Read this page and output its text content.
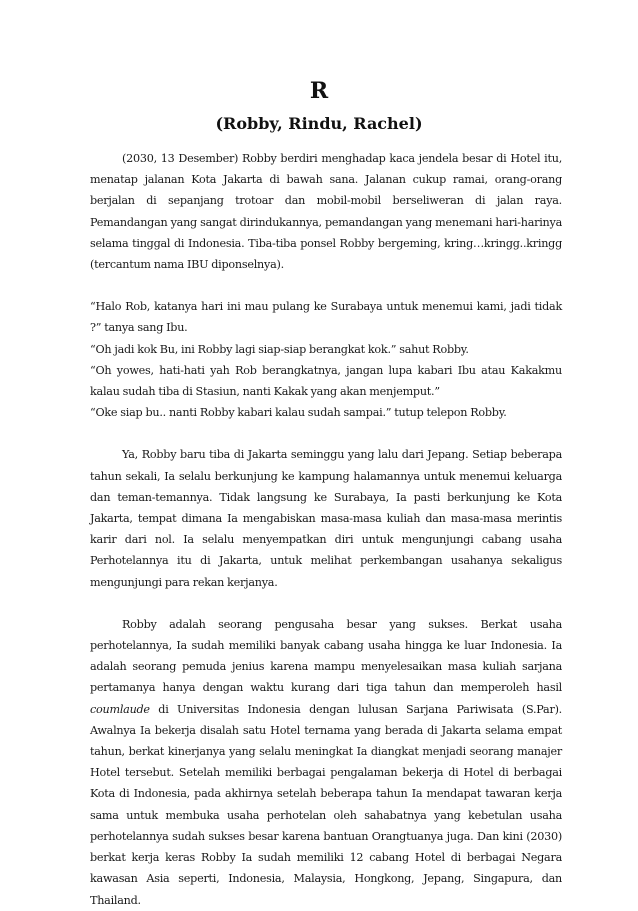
R
(Robby, Rindu, Rachel)

(2030, 13 Desember) Robby berdiri menghadap kaca jendela besar di Hotel itu, menatap jalanan Kota Jakarta di bawah sana. Jalanan cukup ramai, orang-orang berjalan di sepanjang trotoar dan mobil-mobil berseliweran di jalan raya. Pemandangan yang sangat dirindukannya, pemandangan yang menemani hari-harinya selama tinggal di Indonesia. Tiba-tiba ponsel Robby bergeming, kring…kringg..kringg (tercantum nama IBU diponselnya).

“Halo Rob, katanya hari ini mau pulang ke Surabaya untuk menemui kami, jadi tidak ?” tanya sang Ibu.

“Oh jadi kok Bu, ini Robby lagi siap-siap berangkat kok.” sahut Robby.

“Oh yowes, hati-hati yah Rob berangkatnya, jangan lupa kabari Ibu atau Kakakmu kalau sudah tiba di Stasiun, nanti Kakak yang akan menjemput.”

“Oke siap bu.. nanti Robby kabari kalau sudah sampai.” tutup telepon Robby.

Ya, Robby baru tiba di Jakarta seminggu yang lalu dari Jepang. Setiap beberapa tahun sekali, Ia selalu berkunjung ke kampung halamannya untuk menemui keluarga dan teman-temannya. Tidak langsung ke Surabaya, Ia pasti berkunjung ke Kota Jakarta, tempat dimana Ia mengabiskan masa-masa kuliah dan masa-masa merintis karir dari nol. Ia selalu menyempatkan diri untuk mengunjungi cabang usaha Perhotelannya itu di Jakarta, untuk melihat perkembangan usahanya sekaligus mengunjungi para rekan kerjanya.

Robby adalah seorang pengusaha besar yang sukses. Berkat usaha perhotelannya, Ia sudah memiliki banyak cabang usaha hingga ke luar Indonesia. Ia adalah seorang pemuda jenius karena mampu menyelesaikan masa kuliah sarjana pertamanya hanya dengan waktu kurang dari tiga tahun dan memperoleh hasil coumlaude di Universitas Indonesia dengan lulusan Sarjana Pariwisata (S.Par). Awalnya Ia bekerja disalah satu Hotel ternama yang berada di Jakarta selama empat tahun, berkat kinerjanya yang selalu meningkat Ia diangkat menjadi seorang manajer Hotel tersebut. Setelah memiliki berbagai pengalaman bekerja di Hotel di berbagai Kota di Indonesia, pada akhirnya setelah beberapa tahun Ia mendapat tawaran kerja sama untuk membuka usaha perhotelan oleh sahabatnya yang kebetulan usaha perhotelannya sudah sukses besar karena bantuan Orangtuanya juga. Dan kini (2030) berkat kerja keras Robby Ia sudah memiliki 12 cabang Hotel di berbagai Negara kawasan Asia seperti, Indonesia, Malaysia, Hongkong, Jepang, Singapura, dan Thailand.
